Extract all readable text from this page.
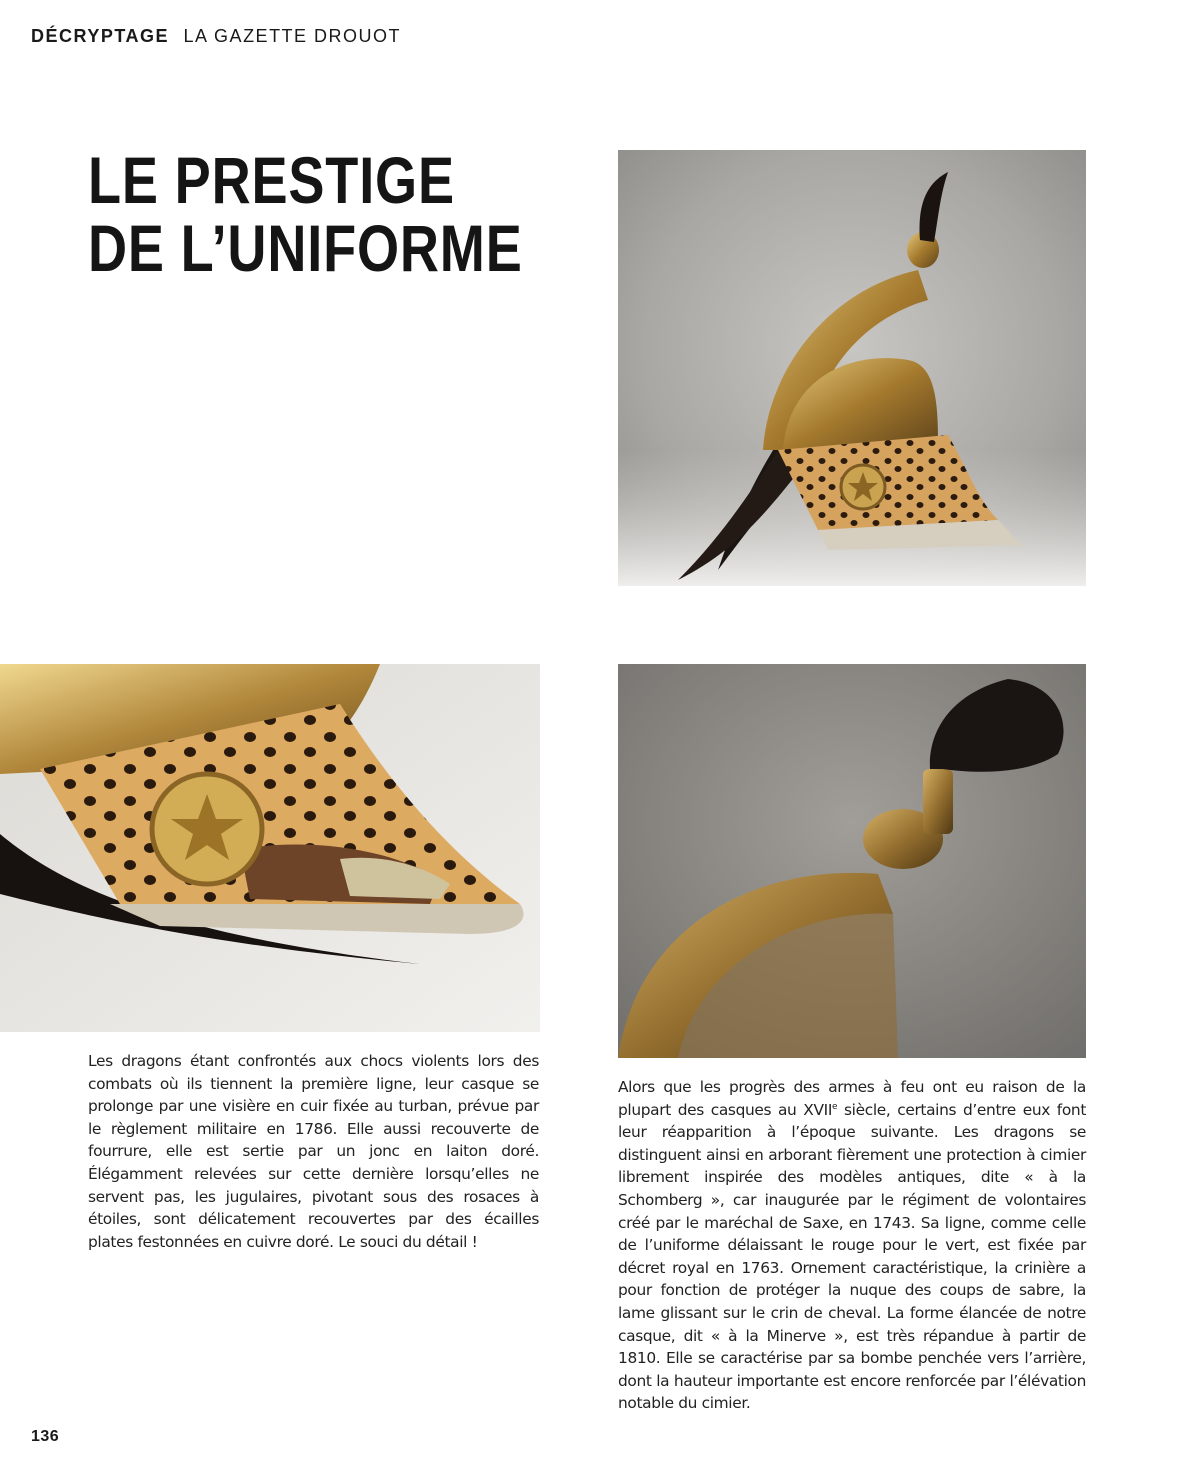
DÉCRYPTAGE LA GAZETTE DROUOT
LE PRESTIGE
DE L’UNIFORME

Les dragons étant confrontés aux chocs violents lors des combats où ils tiennent la première ligne, leur casque se prolonge par une visière en cuir fixée au turban, prévue par le règlement militaire en 1786. Elle aussi recouverte de fourrure, elle est sertie par un jonc en laiton doré. Élégamment relevées sur cette dernière lorsqu’elles ne servent pas, les jugulaires, pivotant sous des rosaces à étoiles, sont délicatement recouvertes par des écailles plates festonnées en cuivre doré. Le souci du détail !

Alors que les progrès des armes à feu ont eu raison de la plupart des casques au XVIIe siècle, certains d’entre eux font leur réapparition à l’époque suivante. Les dragons se distinguent ainsi en arborant fièrement une protection à cimier librement inspirée des modèles antiques, dite « à la Schomberg », car inaugurée par le régiment de volontaires créé par le maréchal de Saxe, en 1743. Sa ligne, comme celle de l’uniforme délaissant le rouge pour le vert, est fixée par décret royal en 1763. Ornement caractéristique, la crinière a pour fonction de protéger la nuque des coups de sabre, la lame glissant sur le crin de cheval. La forme élancée de notre casque, dit « à la Minerve », est très répandue à partir de 1810. Elle se caractérise par sa bombe penchée vers l’arrière, dont la hauteur importante est encore renforcée par l’élévation notable du cimier.

136
